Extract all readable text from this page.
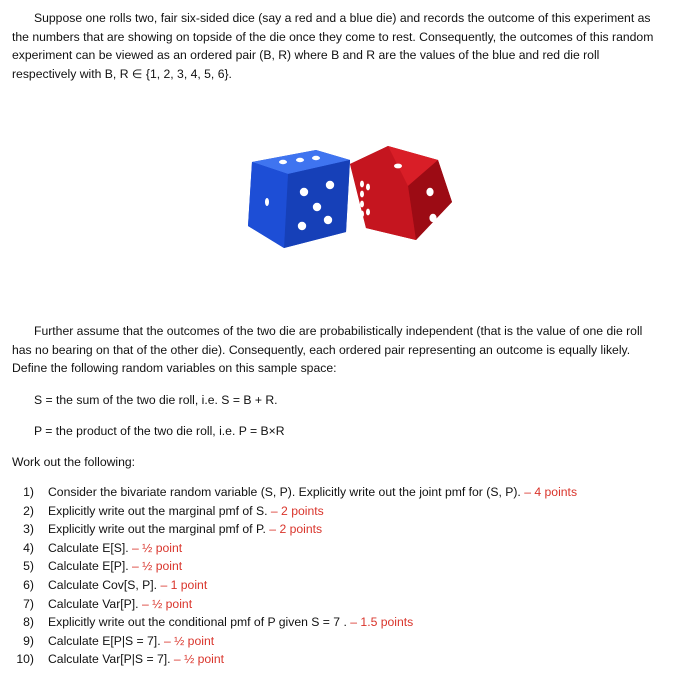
Suppose one rolls two, fair six-sided dice (say a red and a blue die) and records the outcome of this experiment as the numbers that are showing on topside of the die once they come to rest. Consequently, the outcomes of this random experiment can be viewed as an ordered pair (B, R) where B and R are the values of the blue and red die roll respectively with B, R ∈ {1, 2, 3, 4, 5, 6}.

Further assume that the outcomes of the two die are probabilistically independent (that is the value of one die roll has no bearing on that of the other die). Consequently, each ordered pair representing an outcome is equally likely. Define the following random variables on this sample space:

S = the sum of the two die roll, i.e. S = B + R.
P = the product of the two die roll, i.e. P = B×R
Work out the following:
1) Consider the bivariate random variable (S, P). Explicitly write out the joint pmf for (S, P). – 4 points
2) Explicitly write out the marginal pmf of S. – 2 points
3) Explicitly write out the marginal pmf of P. – 2 points
4) Calculate E[S]. – ½ point
5) Calculate E[P]. – ½ point
6) Calculate Cov[S, P]. – 1 point
7) Calculate Var[P]. – ½ point
8) Explicitly write out the conditional pmf of P given S = 7 . – 1.5 points
9) Calculate E[P|S = 7]. – ½ point
10) Calculate Var[P|S = 7]. – ½ point
